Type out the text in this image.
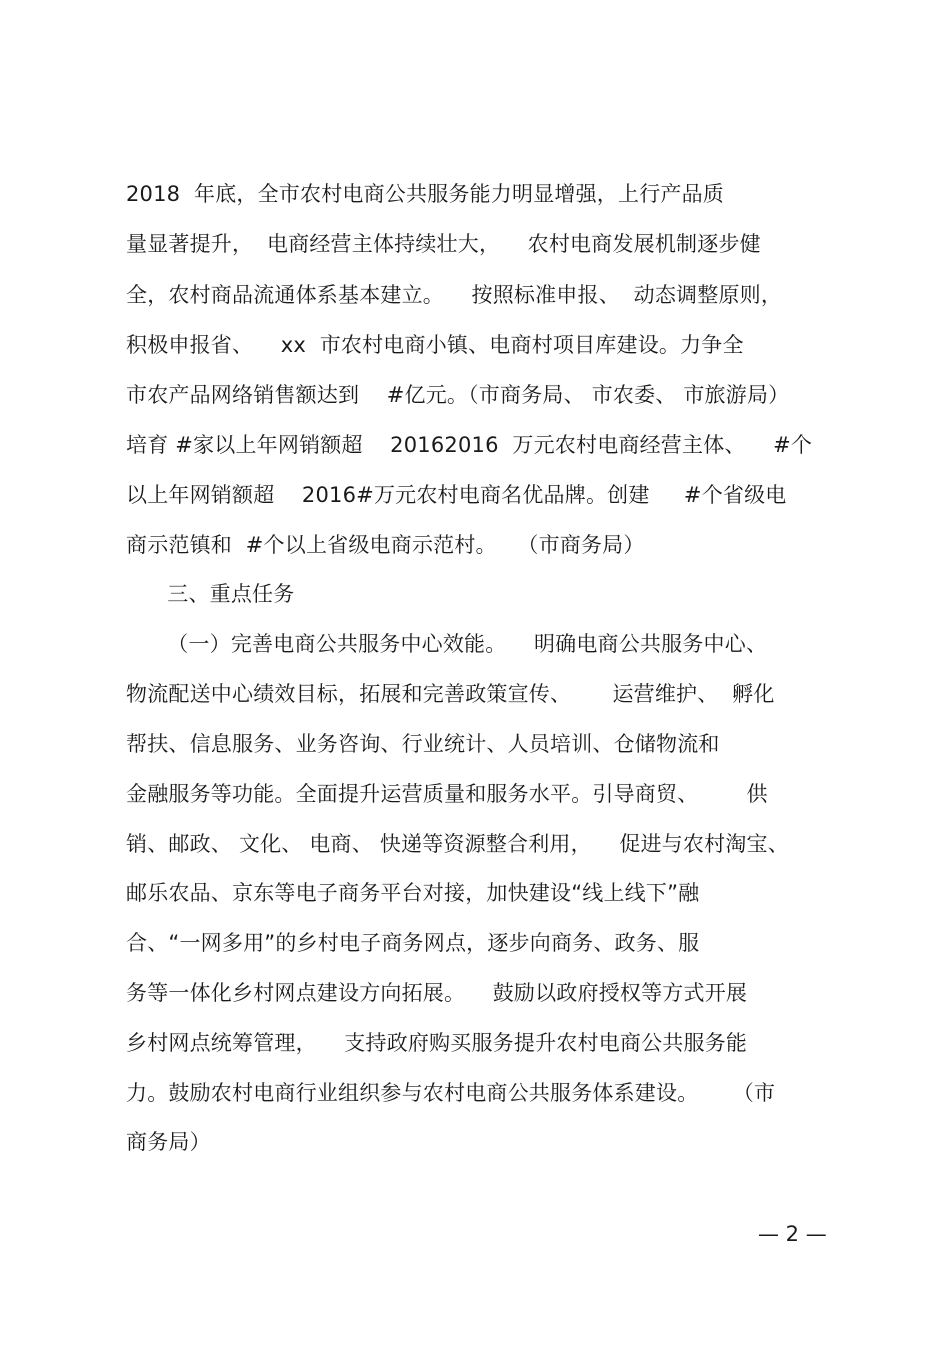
2018  年底，全市农村电商公共服务能力明显增强，上行产品质
量显著提升，  电商经营主体持续壮大，    农村电商发展机制逐步健
全，农村商品流通体系基本建立。    按照标准申报、  动态调整原则，
积极申报省、    xx  市农村电商小镇、电商村项目库建设。力争全
市农产品网络销售额达到    #亿元。（市商务局、 市农委、 市旅游局）
培育 #家以上年网销额超    20162016  万元农村电商经营主体、    #个
以上年网销额超    2016#万元农村电商名优品牌。创建     #个省级电
商示范镇和  #个以上省级电商示范村。   （市商务局）
三、重点任务
（一）完善电商公共服务中心效能。    明确电商公共服务中心、
物流配送中心绩效目标，拓展和完善政策宣传、      运营维护、  孵化
帮扶、信息服务、业务咨询、行业统计、人员培训、仓储物流和
金融服务等功能。全面提升运营质量和服务水平。引导商贸、       供
销、邮政、 文化、 电商、 快递等资源整合利用，    促进与农村淘宝、
邮乐农品、京东等电子商务平台对接，加快建设“线上线下”融
合、“一网多用”的乡村电子商务网点，逐步向商务、政务、服
务等一体化乡村网点建设方向拓展。    鼓励以政府授权等方式开展
乡村网点统筹管理，    支持政府购买服务提升农村电商公共服务能
力。鼓励农村电商行业组织参与农村电商公共服务体系建设。     （市
商务局）
— 2 —
